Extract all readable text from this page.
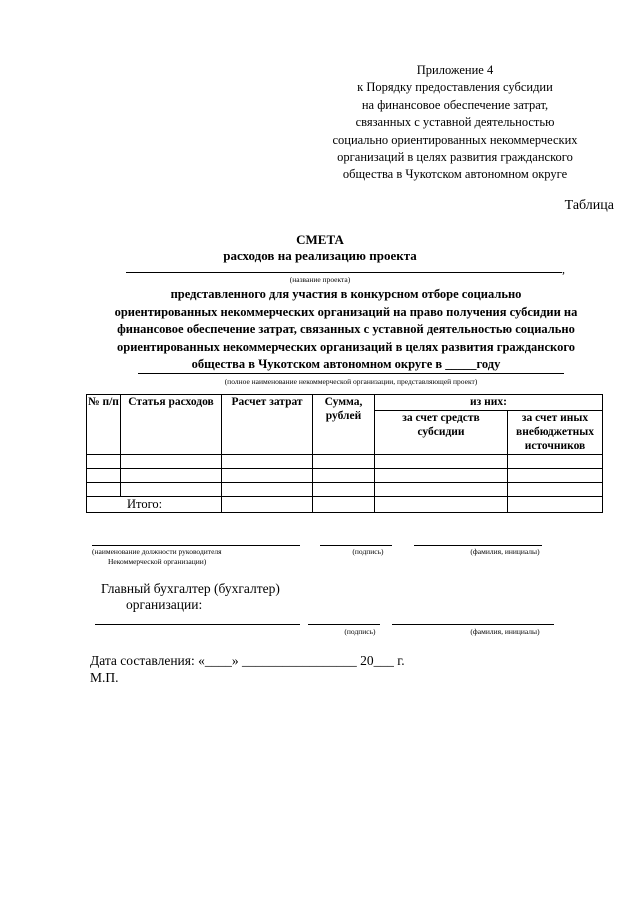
Приложение 4
к Порядку предоставления субсидии
на финансовое обеспечение затрат,
связанных с уставной деятельностью
социально ориентированных некоммерческих
организаций в целях развития гражданского
общества в Чукотском автономном округе
Таблица
СМЕТА
расходов на реализацию проекта
,
(название проекта)
представленного для участия в конкурсном отборе социально
ориентированных некоммерческих организаций на право получения субсидии на
финансовое обеспечение затрат, связанных с уставной деятельностью социально
ориентированных некоммерческих организаций в целях развития гражданского
общества в Чукотском автономном округе в _____году
(полное наименование некоммерческой организации, представляющей проект)
№ п/п	Статья расходов	Расчет затрат	Сумма, рублей	из них:	
				за счет средств субсидии	за счет иных внебюджетных источников

Итого:					
(наименование должности руководителя
Некоммерческой организации)
(подпись)	(фамилия, инициалы)
Главный бухгалтер (бухгалтер)
организации:
(подпись)	(фамилия, инициалы)
Дата составления: «____» _________________ 20___ г.
М.П.
